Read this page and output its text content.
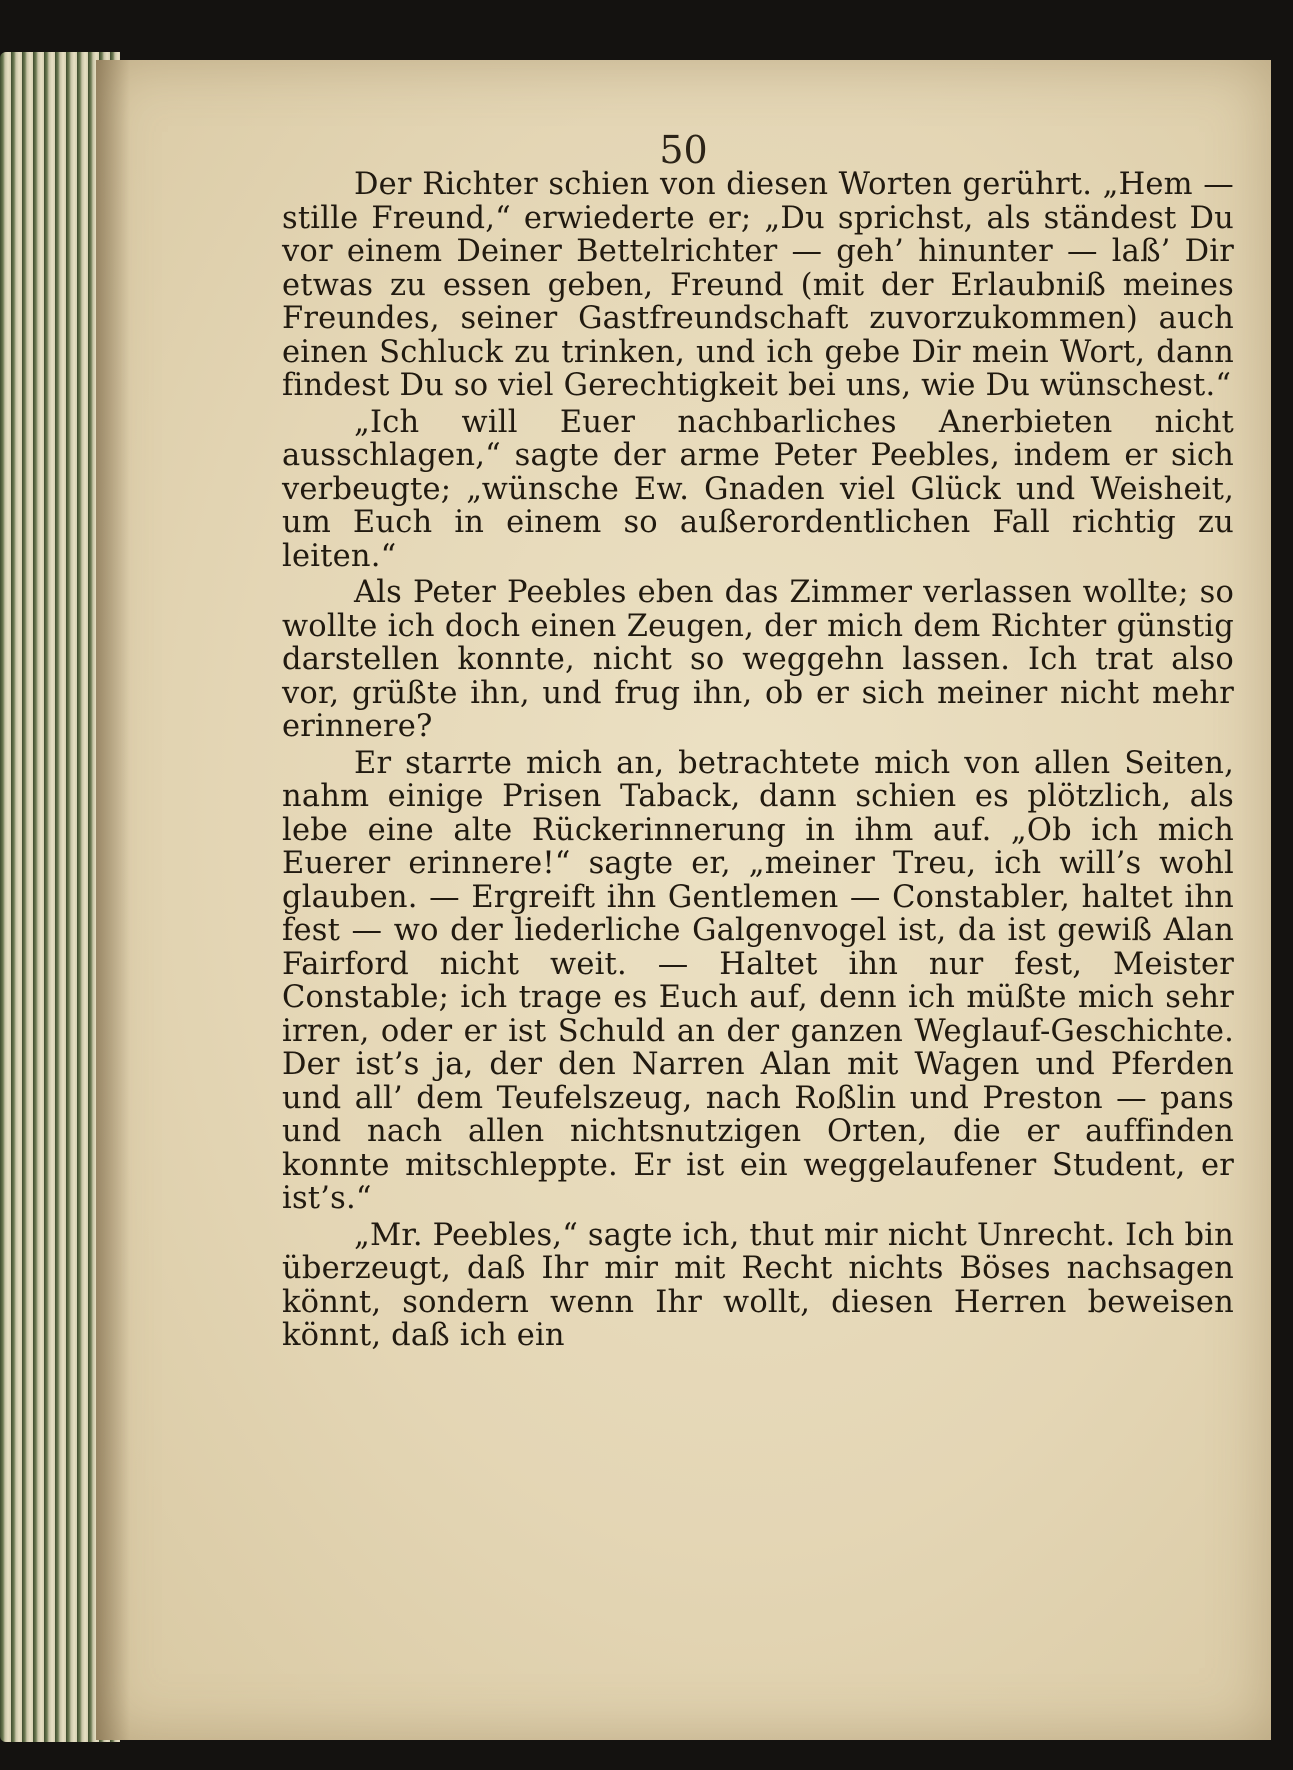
50

Der Richter schien von diesen Worten gerührt. „Hem — stille Freund,“ erwiederte er; „Du sprichst, als ständest Du vor einem Deiner Bettelrichter — geh’ hinunter — laß’ Dir etwas zu essen geben, Freund (mit der Erlaubniß meines Freundes, seiner Gastfreundschaft zuvorzukommen) auch einen Schluck zu trinken, und ich gebe Dir mein Wort, dann findest Du so viel Gerechtigkeit bei uns, wie Du wünschest.“

„Ich will Euer nachbarliches Anerbieten nicht ausschlagen,“ sagte der arme Peter Peebles, indem er sich verbeugte; „wünsche Ew. Gnaden viel Glück und Weisheit, um Euch in einem so außerordentlichen Fall richtig zu leiten.“

Als Peter Peebles eben das Zimmer verlassen wollte; so wollte ich doch einen Zeugen, der mich dem Richter günstig darstellen konnte, nicht so weggehn lassen. Ich trat also vor, grüßte ihn, und frug ihn, ob er sich meiner nicht mehr erinnere?

Er starrte mich an, betrachtete mich von allen Seiten, nahm einige Prisen Taback, dann schien es plötzlich, als lebe eine alte Rückerinnerung in ihm auf. „Ob ich mich Euerer erinnere!“ sagte er, „meiner Treu, ich will’s wohl glauben. — Ergreift ihn Gentlemen — Constabler, haltet ihn fest — wo der liederliche Galgenvogel ist, da ist gewiß Alan Fairford nicht weit. — Haltet ihn nur fest, Meister Constable; ich trage es Euch auf, denn ich müßte mich sehr irren, oder er ist Schuld an der ganzen Weglauf-Geschichte. Der ist’s ja, der den Narren Alan mit Wagen und Pferden und all’ dem Teufelszeug, nach Roßlin und Preston — pans und nach allen nichtsnutzigen Orten, die er auffinden konnte mitschleppte. Er ist ein weggelaufener Student, er ist’s.“

„Mr. Peebles,“ sagte ich, thut mir nicht Unrecht. Ich bin überzeugt, daß Ihr mir mit Recht nichts Böses nachsagen könnt, sondern wenn Ihr wollt, diesen Herren beweisen könnt, daß ich ein
